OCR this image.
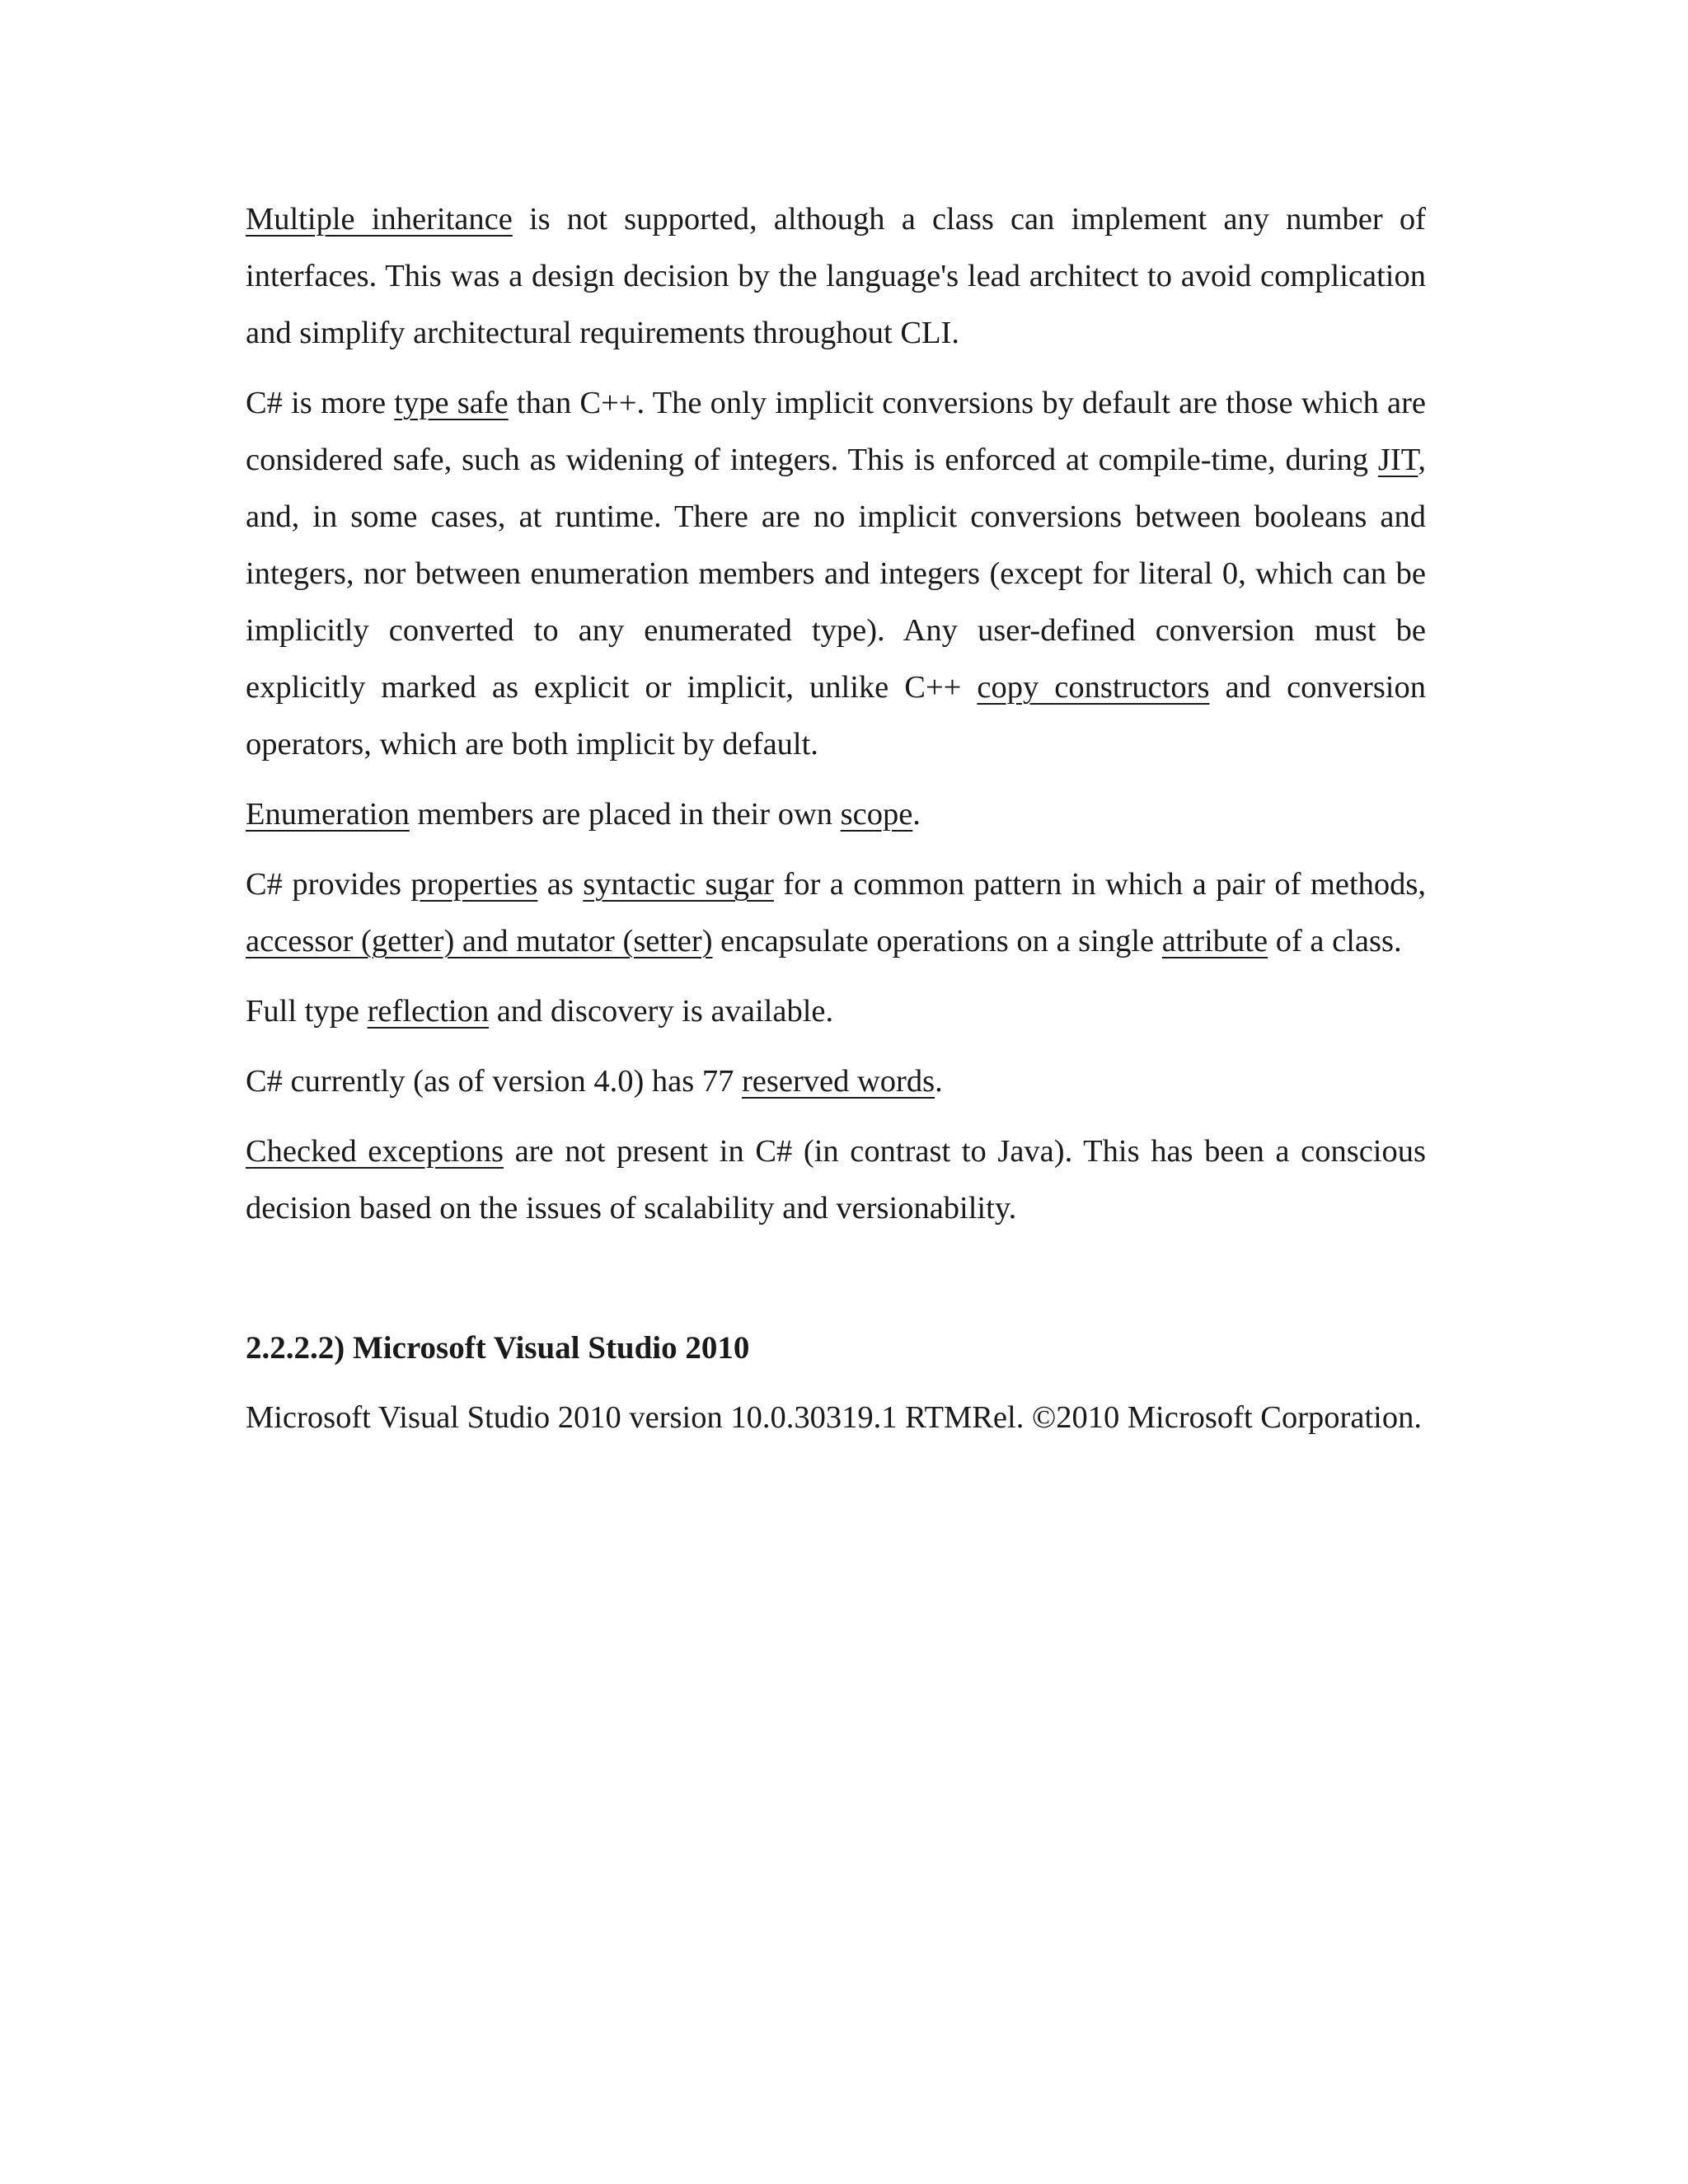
Multiple inheritance is not supported, although a class can implement any number of interfaces. This was a design decision by the language's lead architect to avoid complication and simplify architectural requirements throughout CLI.

C# is more type safe than C++. The only implicit conversions by default are those which are considered safe, such as widening of integers. This is enforced at compile-time, during JIT, and, in some cases, at runtime. There are no implicit conversions between booleans and integers, nor between enumeration members and integers (except for literal 0, which can be implicitly converted to any enumerated type). Any user-defined conversion must be explicitly marked as explicit or implicit, unlike C++ copy constructors and conversion operators, which are both implicit by default.

Enumeration members are placed in their own scope.

C# provides properties as syntactic sugar for a common pattern in which a pair of methods, accessor (getter) and mutator (setter) encapsulate operations on a single attribute of a class.

Full type reflection and discovery is available.

C# currently (as of version 4.0) has 77 reserved words.

Checked exceptions are not present in C# (in contrast to Java). This has been a conscious decision based on the issues of scalability and versionability.

2.2.2.2) Microsoft Visual Studio 2010

Microsoft Visual Studio 2010 version 10.0.30319.1 RTMRel. ©2010 Microsoft Corporation.
